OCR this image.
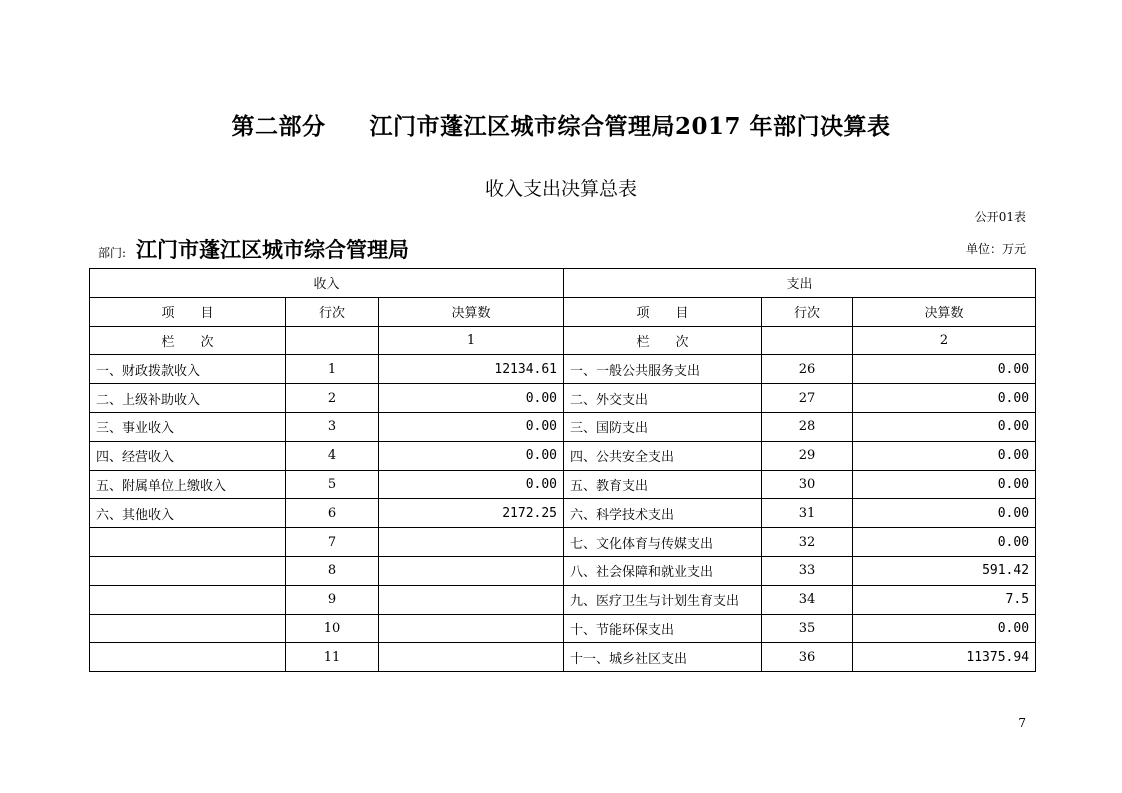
第二部分 江门市蓬江区城市综合管理局2017 年部门决算表
收入支出决算总表
公开01表
部门: 江门市蓬江区城市综合管理局	单位：万元
收入			支出		
项　　目	行次	决算数	项　　目	行次	决算数
栏　　次		1	栏　　次		2
一、财政拨款收入	1	12134.61	一、一般公共服务支出	26	0.00
二、上级补助收入	2	0.00	二、外交支出	27	0.00
三、事业收入	3	0.00	三、国防支出	28	0.00
四、经营收入	4	0.00	四、公共安全支出	29	0.00
五、附属单位上缴收入	5	0.00	五、教育支出	30	0.00
六、其他收入	6	2172.25	六、科学技术支出	31	0.00
	7		七、文化体育与传媒支出	32	0.00
	8		八、社会保障和就业支出	33	591.42
	9		九、医疗卫生与计划生育支出	34	7.5
	10		十、节能环保支出	35	0.00
	11		十一、城乡社区支出	36	11375.94
7
